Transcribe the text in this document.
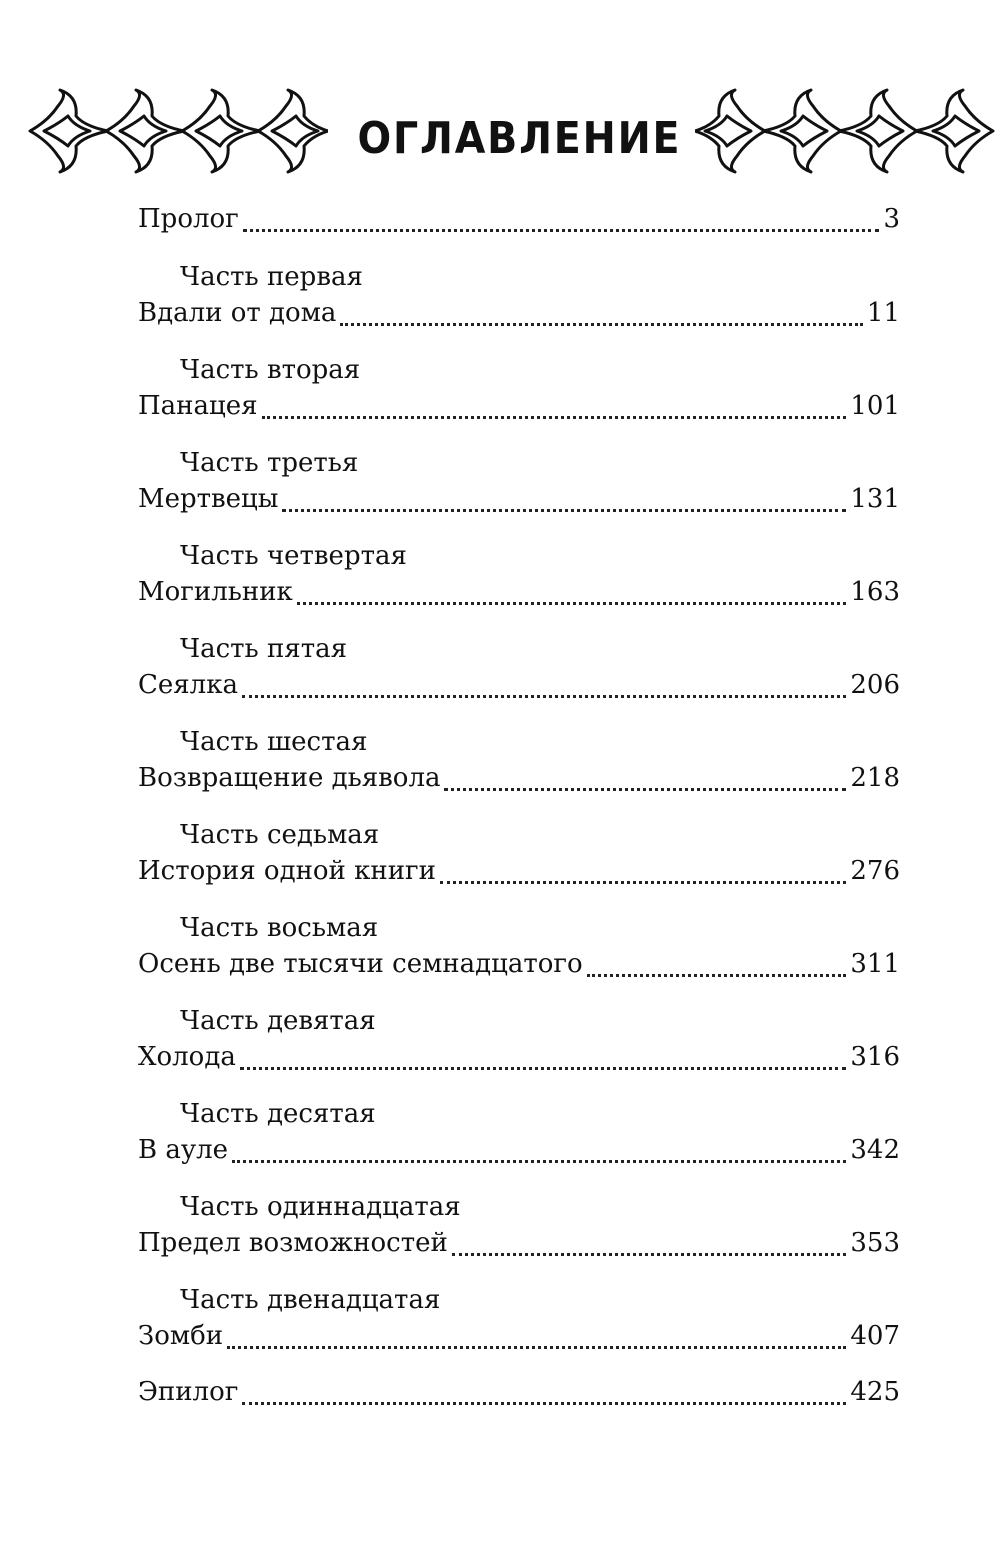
ОГЛАВЛЕНИЕ
Пролог	3
Часть первая
Вдали от дома	11
Часть вторая
Панацея	101
Часть третья
Мертвецы	131
Часть четвертая
Могильник	163
Часть пятая
Сеялка	206
Часть шестая
Возвращение дьявола	218
Часть седьмая
История одной книги	276
Часть восьмая
Осень две тысячи семнадцатого	311
Часть девятая
Холода	316
Часть десятая
В ауле	342
Часть одиннадцатая
Предел возможностей	353
Часть двенадцатая
Зомби	407
Эпилог	425
